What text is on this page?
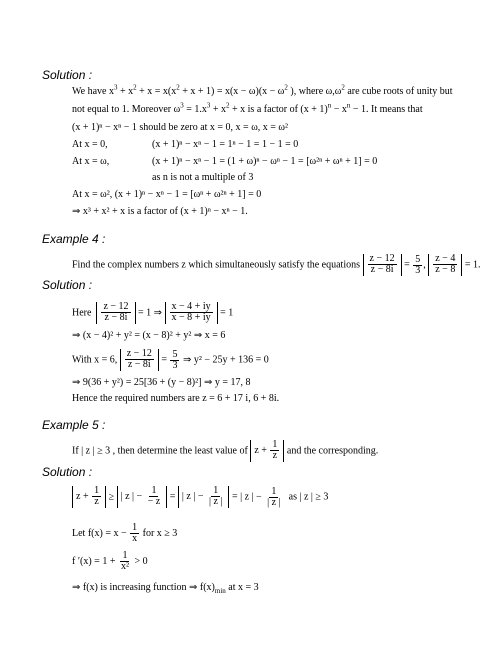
Solution :
We have $x^3 + x^2 + x = x(x^2 + x + 1) = x(x - \omega)(x - \omega^2$ ), where $\omega,\omega^2$ are cube roots of unity but
not equal to 1. Moreover $\omega^3 = 1.x^3 + x^2 + x$ is a factor of $(x + 1)^n - x^n - 1$. It means that
(x + 1)ⁿ − xⁿ − 1 should be zero at x = 0, x = ω, x = ω²
At x = 0,	(x + 1)ⁿ − xⁿ − 1 = 1ⁿ − 1 = 1 − 1 = 0
At x = ω,	(x + 1)ⁿ − xⁿ − 1 = (1 + ω)ⁿ − ωⁿ − 1 = [ω²ⁿ + ωⁿ + 1] = 0
as n is not a multiple of 3
At x = ω², (x + 1)ⁿ − xⁿ − 1 = [ωⁿ + ω²ⁿ + 1] = 0
⇒ x³ + x² + x is a factor of (x + 1)ⁿ − xⁿ − 1.
Example 4 :
Find the complex numbers z which simultaneously satisfy the equations $\frac{z - 12}{z - 8i} = \frac{5}{3}$ , $\frac{z - 4}{z - 8} = 1$.
Solution :
Here $\frac{z - 12}{z - 8i} = 1$ ⇒ $\frac{x - 4 + iy}{x - 8 + iy} = 1$
⇒ (x − 4)² + y² = (x − 8)² + y² ⇒ x = 6
With x = 6, $\frac{z - 12}{z - 8i} = \frac{5}{3}$ ⇒ y² − 25y + 136 = 0
⇒ 9(36 + y²) = 25[36 + (y − 8)²] ⇒ y = 17, 8
Hence the required numbers are z = 6 + 17 i, 6 + 8i.
Example 5 :
If | z | ≥ 3 , then determine the least value of $z + \frac{1}{z}$ and the corresponding.
Solution :
$z + \frac{1}{z}$ ≥ | z | − $\frac{1}{- z}$ = | z | − $\frac{1}{| z |}$ = | z | − $\frac{1}{| z |}$ as | z | ≥ 3
Let $f(x) = x - \frac{1}{x}$ for x ≥ 3
f $'(x) = 1 + \frac{1}{\text{x²}} > 0$
⇒ f(x) is increasing function ⇒ $f(x)_{min}$ at x = 3
